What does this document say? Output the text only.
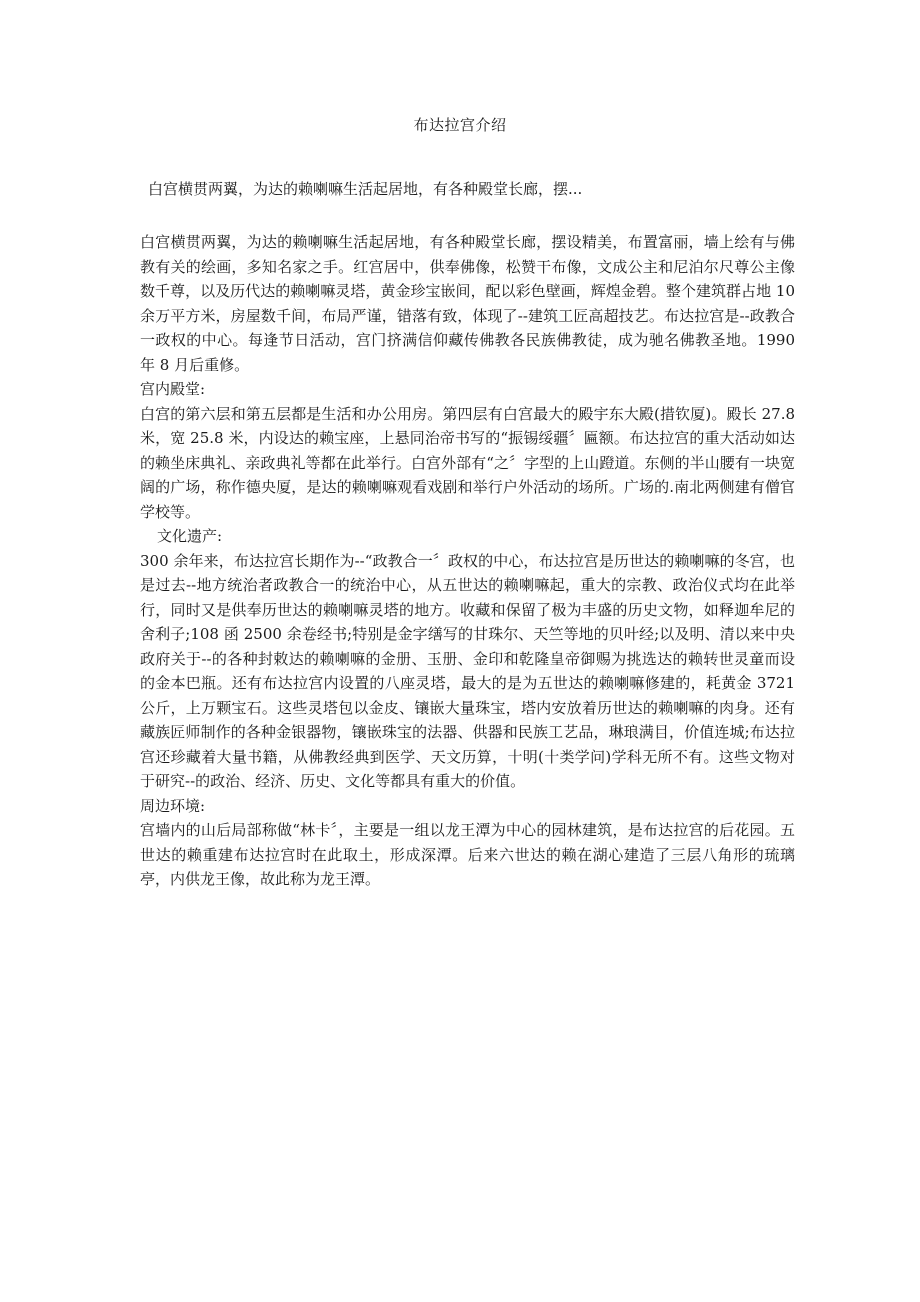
布达拉宫介绍
白宫横贯两翼，为达的赖喇嘛生活起居地，有各种殿堂长廊，摆...

白宫横贯两翼，为达的赖喇嘛生活起居地，有各种殿堂长廊，摆设精美，布置富丽，墙上绘有与佛教有关的绘画，多知名家之手。红宫居中，供奉佛像，松赞干布像，文成公主和尼泊尔尺尊公主像数千尊，以及历代达的赖喇嘛灵塔，黄金珍宝嵌间，配以彩色壁画，辉煌金碧。整个建筑群占地 10 余万平方米，房屋数千间，布局严谨，错落有致，体现了--建筑工匠高超技艺。布达拉宫是--政教合一政权的中心。每逢节日活动，宫门挤满信仰藏传佛教各民族佛教徒，成为驰名佛教圣地。1990 年 8 月后重修。

宫内殿堂:

白宫的第六层和第五层都是生活和办公用房。第四层有白宫最大的殿宇东大殿(措钦厦)。殿长 27.8 米，宽 25.8 米，内设达的赖宝座，上悬同治帝书写的“振锡绥疆〞匾额。布达拉宫的重大活动如达的赖坐床典礼、亲政典礼等都在此举行。白宫外部有“之〞字型的上山蹬道。东侧的半山腰有一块宽阔的广场，称作德央厦，是达的赖喇嘛观看戏剧和举行户外活动的场所。广场的.南北两侧建有僧官学校等。

文化遗产:

300 余年来，布达拉宫长期作为--“政教合一〞政权的中心，布达拉宫是历世达的赖喇嘛的冬宫，也是过去--地方统治者政教合一的统治中心，从五世达的赖喇嘛起，重大的宗教、政治仪式均在此举行，同时又是供奉历世达的赖喇嘛灵塔的地方。收藏和保留了极为丰盛的历史文物，如释迦牟尼的舍利子;108 函 2500 余卷经书;特别是金字缮写的甘珠尔、天竺等地的贝叶经;以及明、清以来中央政府关于--的各种封敕达的赖喇嘛的金册、玉册、金印和乾隆皇帝御赐为挑选达的赖转世灵童而设的金本巴瓶。还有布达拉宫内设置的八座灵塔，最大的是为五世达的赖喇嘛修建的，耗黄金 3721 公斤，上万颗宝石。这些灵塔包以金皮、镶嵌大量珠宝，塔内安放着历世达的赖喇嘛的肉身。还有藏族匠师制作的各种金银器物，镶嵌珠宝的法器、供器和民族工艺品，琳琅满目，价值连城;布达拉宫还珍藏着大量书籍，从佛教经典到医学、天文历算，十明(十类学问)学科无所不有。这些文物对于研究--的政治、经济、历史、文化等都具有重大的价值。

周边环境:

宫墙内的山后局部称做“林卡〞，主要是一组以龙王潭为中心的园林建筑，是布达拉宫的后花园。五世达的赖重建布达拉宫时在此取土，形成深潭。后来六世达的赖在湖心建造了三层八角形的琉璃亭，内供龙王像，故此称为龙王潭。
